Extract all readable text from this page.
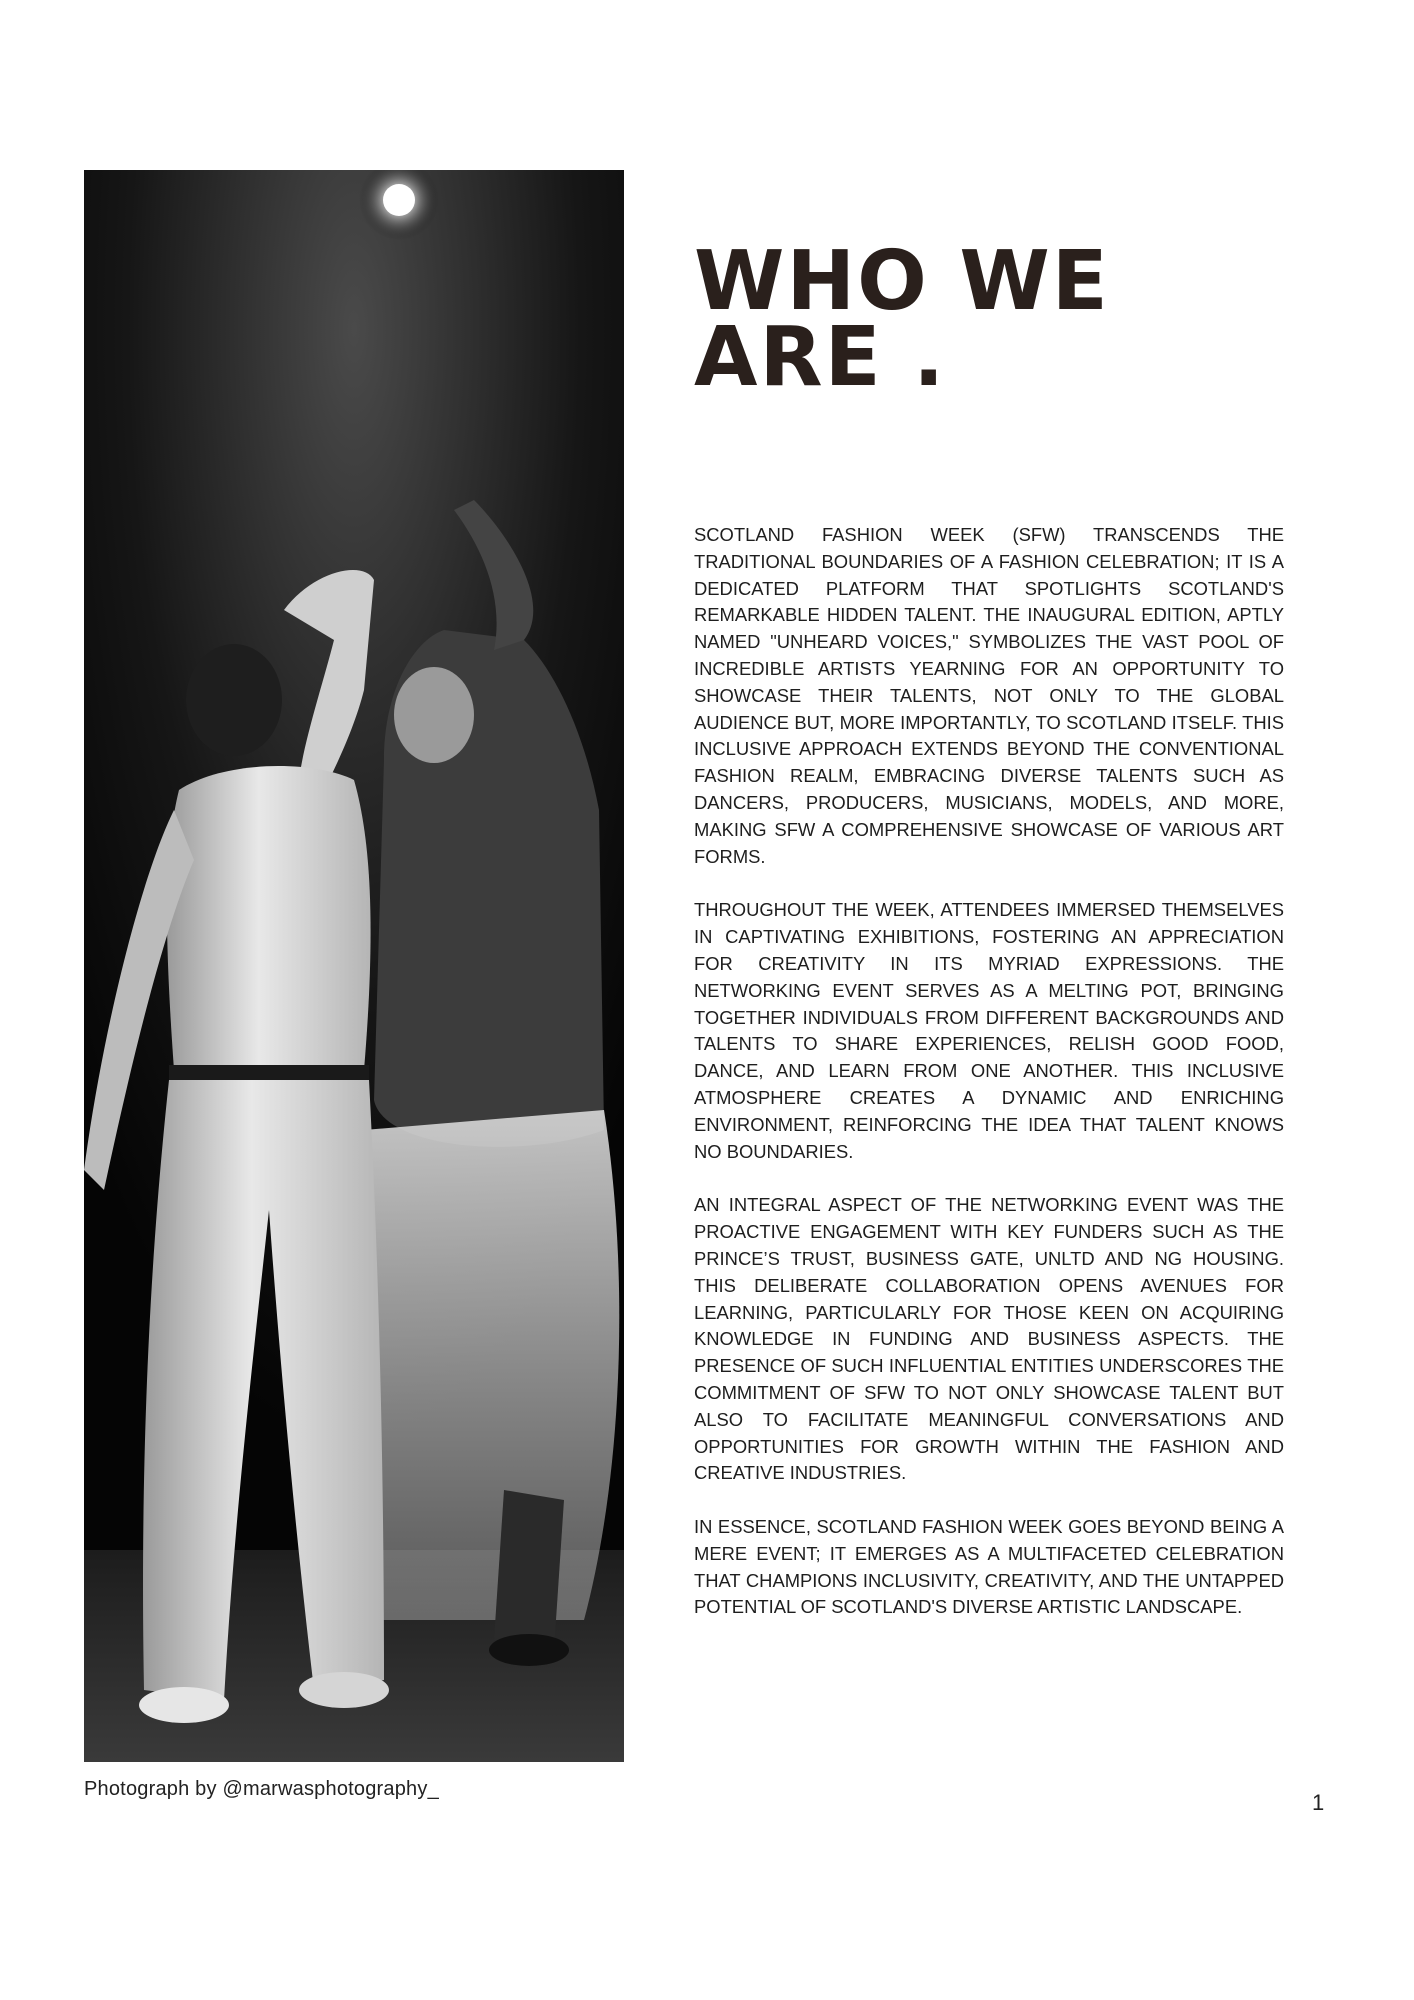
Photograph by @marwasphotography_
WHO WE
ARE .

SCOTLAND FASHION WEEK (SFW) TRANSCENDS THE TRADITIONAL BOUNDARIES OF A FASHION CELEBRATION; IT IS A DEDICATED PLATFORM THAT SPOTLIGHTS SCOTLAND'S REMARKABLE HIDDEN TALENT. THE INAUGURAL EDITION, APTLY NAMED "UNHEARD VOICES," SYMBOLIZES THE VAST POOL OF INCREDIBLE ARTISTS YEARNING FOR AN OPPORTUNITY TO SHOWCASE THEIR TALENTS, NOT ONLY TO THE GLOBAL AUDIENCE BUT, MORE IMPORTANTLY, TO SCOTLAND ITSELF. THIS INCLUSIVE APPROACH EXTENDS BEYOND THE CONVENTIONAL FASHION REALM, EMBRACING DIVERSE TALENTS SUCH AS DANCERS, PRODUCERS, MUSICIANS, MODELS, AND MORE, MAKING SFW A COMPREHENSIVE SHOWCASE OF VARIOUS ART FORMS.

THROUGHOUT THE WEEK, ATTENDEES IMMERSED THEMSELVES IN CAPTIVATING EXHIBITIONS, FOSTERING AN APPRECIATION FOR CREATIVITY IN ITS MYRIAD EXPRESSIONS. THE NETWORKING EVENT SERVES AS A MELTING POT, BRINGING TOGETHER INDIVIDUALS FROM DIFFERENT BACKGROUNDS AND TALENTS TO SHARE EXPERIENCES, RELISH GOOD FOOD, DANCE, AND LEARN FROM ONE ANOTHER. THIS INCLUSIVE ATMOSPHERE CREATES A DYNAMIC AND ENRICHING ENVIRONMENT, REINFORCING THE IDEA THAT TALENT KNOWS NO BOUNDARIES.

AN INTEGRAL ASPECT OF THE NETWORKING EVENT WAS THE PROACTIVE ENGAGEMENT WITH KEY FUNDERS SUCH AS THE PRINCE’S TRUST, BUSINESS GATE, UNLTD AND NG HOUSING. THIS DELIBERATE COLLABORATION OPENS AVENUES FOR LEARNING, PARTICULARLY FOR THOSE KEEN ON ACQUIRING KNOWLEDGE IN FUNDING AND BUSINESS ASPECTS. THE PRESENCE OF SUCH INFLUENTIAL ENTITIES UNDERSCORES THE COMMITMENT OF SFW TO NOT ONLY SHOWCASE TALENT BUT ALSO TO FACILITATE MEANINGFUL CONVERSATIONS AND OPPORTUNITIES FOR GROWTH WITHIN THE FASHION AND CREATIVE INDUSTRIES.

IN ESSENCE, SCOTLAND FASHION WEEK GOES BEYOND BEING A MERE EVENT; IT EMERGES AS A MULTIFACETED CELEBRATION THAT CHAMPIONS INCLUSIVITY, CREATIVITY, AND THE UNTAPPED POTENTIAL OF SCOTLAND'S DIVERSE ARTISTIC LANDSCAPE.

1
